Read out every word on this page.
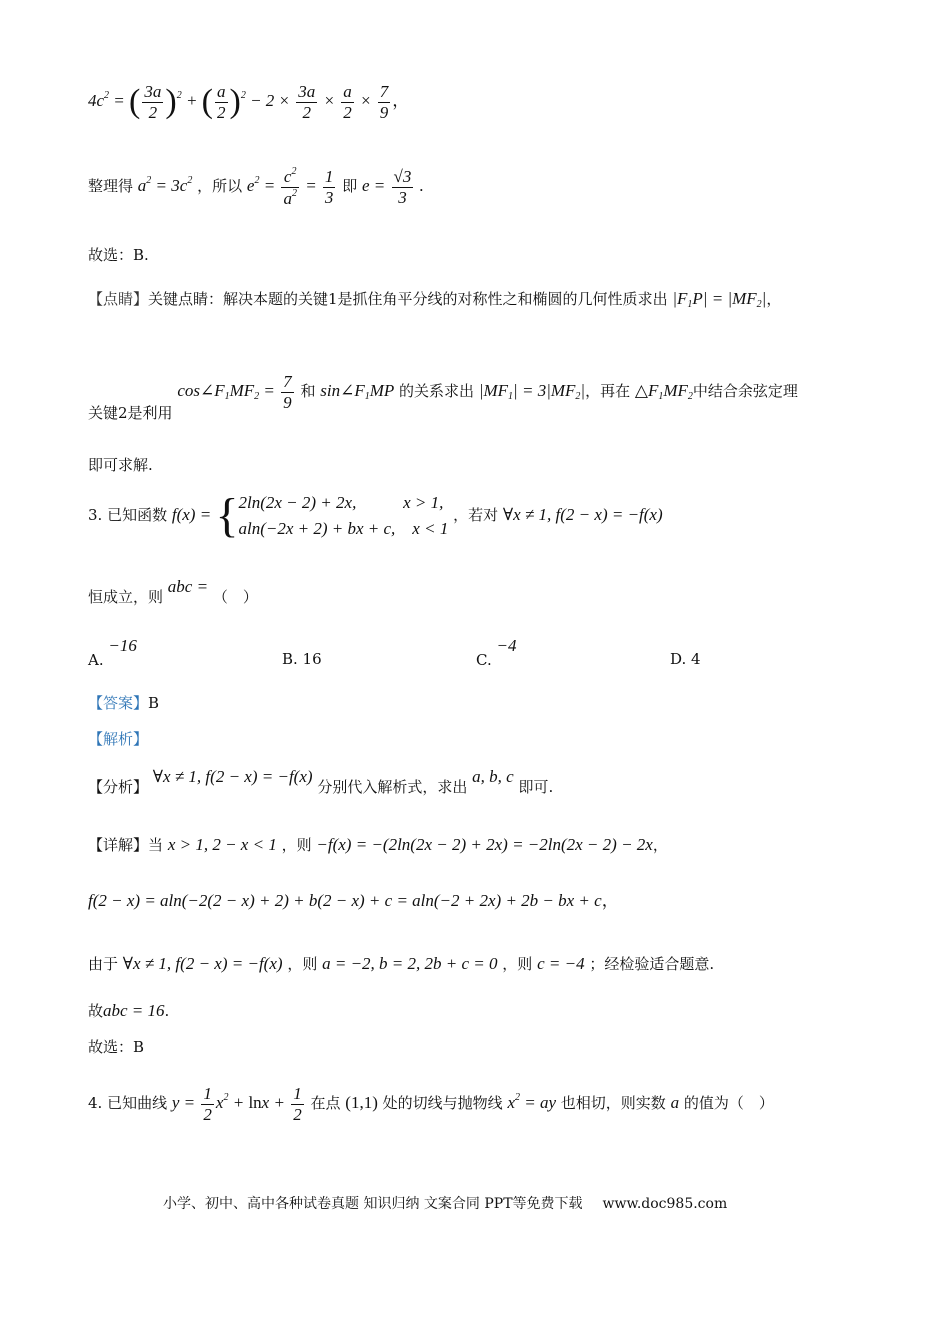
$4c^2$ = ( $\frac{3a}{2} )^2$ + ( $\frac{a}{2} )^2 - 2 \times \frac{3a}{2} \times \frac{a}{2} \times \frac{7}{9}$ ，
整理得 $a^2 = 3c^2$ ，所以 $e^2 = \frac{c^2}{a^2} = \frac{1}{3}$ 即 $e = \frac{√3}{3}$ .
故选：B.
【点睛】关键点睛：解决本题的关键1是抓住角平分线的对称性之和椭圆的几何性质求出 $|F_1P| = |MF_2|$，
关键2是利用 $\cos\angle F_1MF_2 = \frac{7}{9}$ 和 $\sin\angle F_1MP$ 的关系求出 $|MF_1| = 3|MF_2|$，再在 $\triangle F_1MF_2$中结合余弦定理
即可求解.
3. 已知函数 f(x) = { 2ln(2x − 2) + 2x,           x > 1,
aln(−2x + 2) + bx + c,    x < 1
，若对 ∀x ≠ 1, f(2 − x) = −f(x)
恒成立，则 abc = （　）
A. −16
B. 16	C. −4
D. 4
【答案】B
【解析】
【分析】 ∀x ≠ 1, f(2 − x) = −f(x) 分别代入解析式，求出 a, b, c 即可.
【详解】当 x > 1, 2 − x < 1 ，则 −f(x) = −(2ln(2x − 2) + 2x) = −2ln(2x − 2) − 2x，
f(2 − x) = aln(−2(2 − x) + 2) + b(2 − x) + c = aln(−2 + 2x) + 2b − bx + c，
由于 ∀x ≠ 1, f(2 − x) = −f(x) ，则 a = −2, b = 2, 2b + c = 0 ，则 c = −4 ；经检验适合题意.
故abc = 16.
故选：B
4. 已知曲线 $y = \frac{1}{2} x^2 + \ln x + \frac{1}{2}$ 在点 (1,1) 处的切线与抛物线 $x^2$ = ay 也相切，则实数 a 的值为（　）
小学、初中、高中各种试卷真题 知识归纳 文案合同 PPT等免费下载 www.doc985.com
